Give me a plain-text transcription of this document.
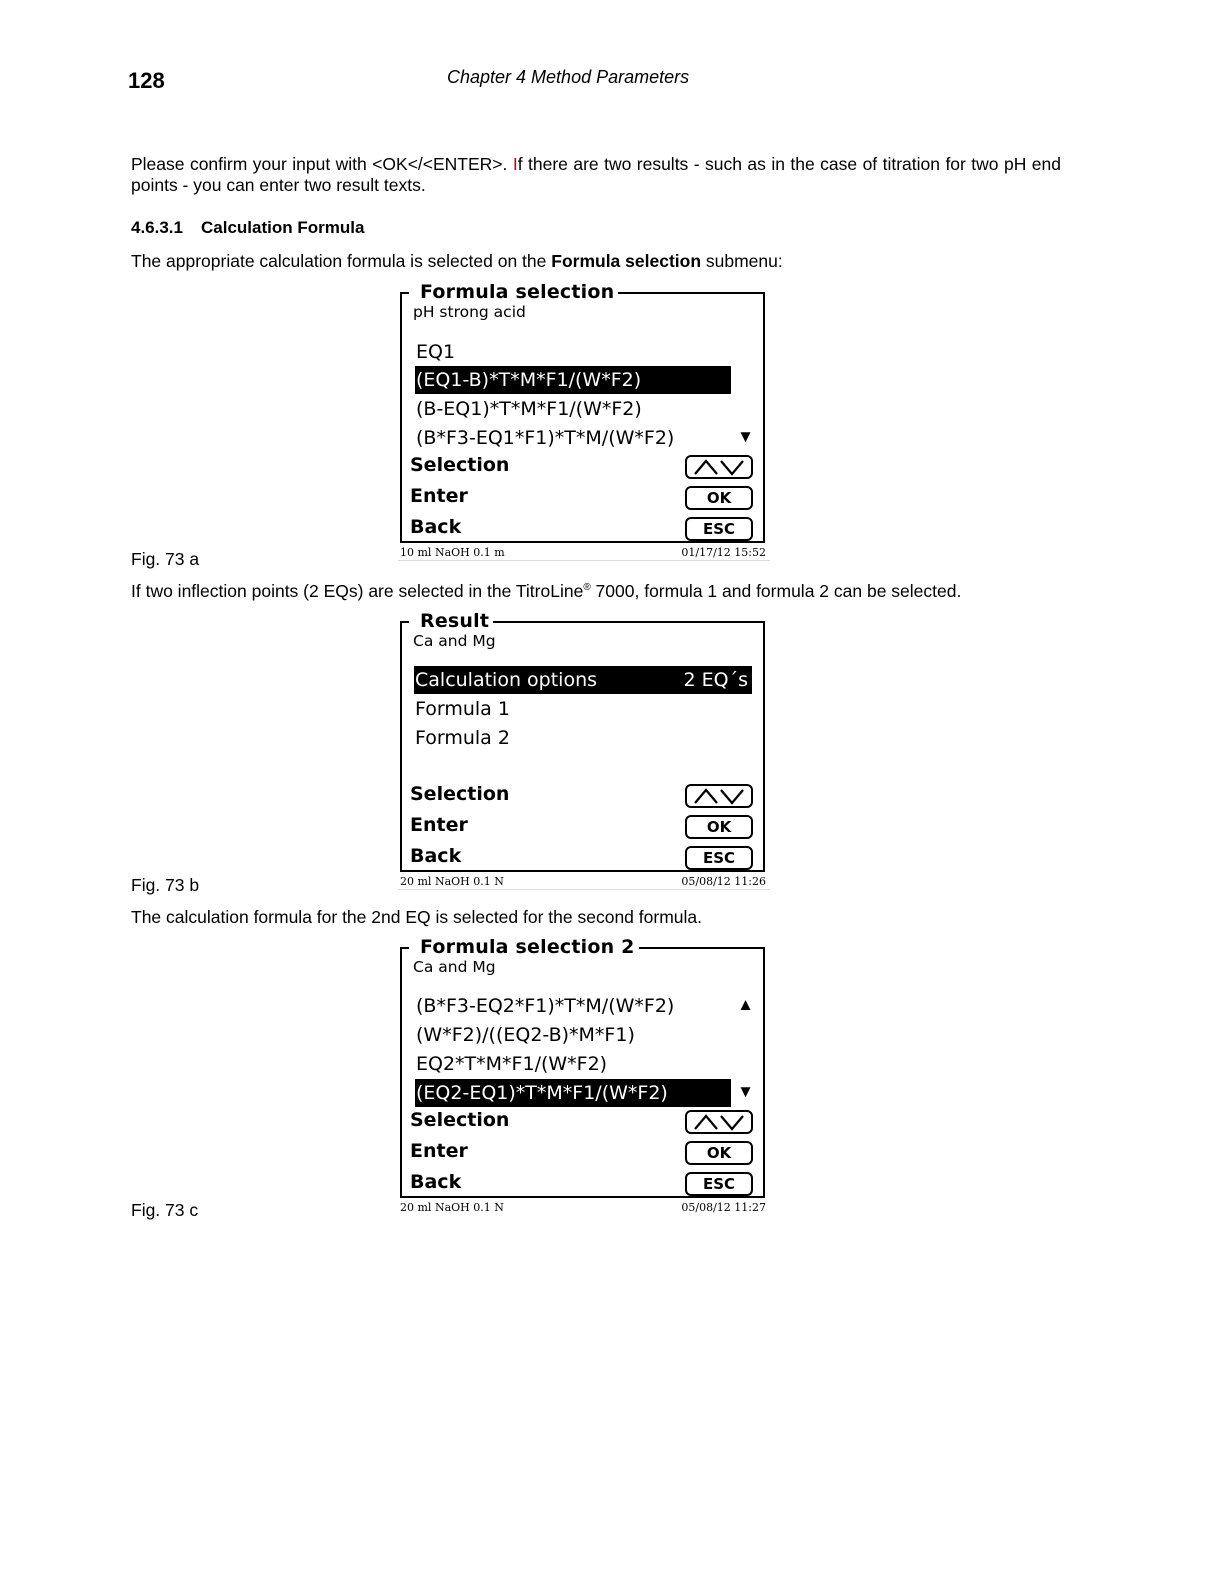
128	Chapter 4 Method Parameters
Please confirm your input with <OK</<ENTER>. If there are two results - such as in the case of titration for two pH end points - you can enter two result texts.
4.6.3.1 Calculation Formula
The appropriate calculation formula is selected on the Formula selection submenu:
Formula selection
pH strong acid
EQ1
(EQ1-B)*T*M*F1/(W*F2)
(B-EQ1)*T*M*F1/(W*F2)
(B*F3-EQ1*F1)*T*M/(W*F2)	▼
Selection
Enter	OK
Back	ESC
10 ml NaOH 0.1 m	01/17/12 15:52
Fig. 73 a
If two inflection points (2 EQs) are selected in the TitroLine® 7000, formula 1 and formula 2 can be selected.
Result
Ca and Mg
Calculation options	2 EQ´s
Formula 1
Formula 2
Selection
Enter	OK
Back	ESC
20 ml NaOH 0.1 N	05/08/12 11:26
Fig. 73 b
The calculation formula for the 2nd EQ is selected for the second formula.
Formula selection 2
Ca and Mg
(B*F3-EQ2*F1)*T*M/(W*F2)	▲
(W*F2)/((EQ2-B)*M*F1)
EQ2*T*M*F1/(W*F2)
(EQ2-EQ1)*T*M*F1/(W*F2)	▼
Selection
Enter	OK
Back	ESC
20 ml NaOH 0.1 N	05/08/12 11:27
Fig. 73 c
